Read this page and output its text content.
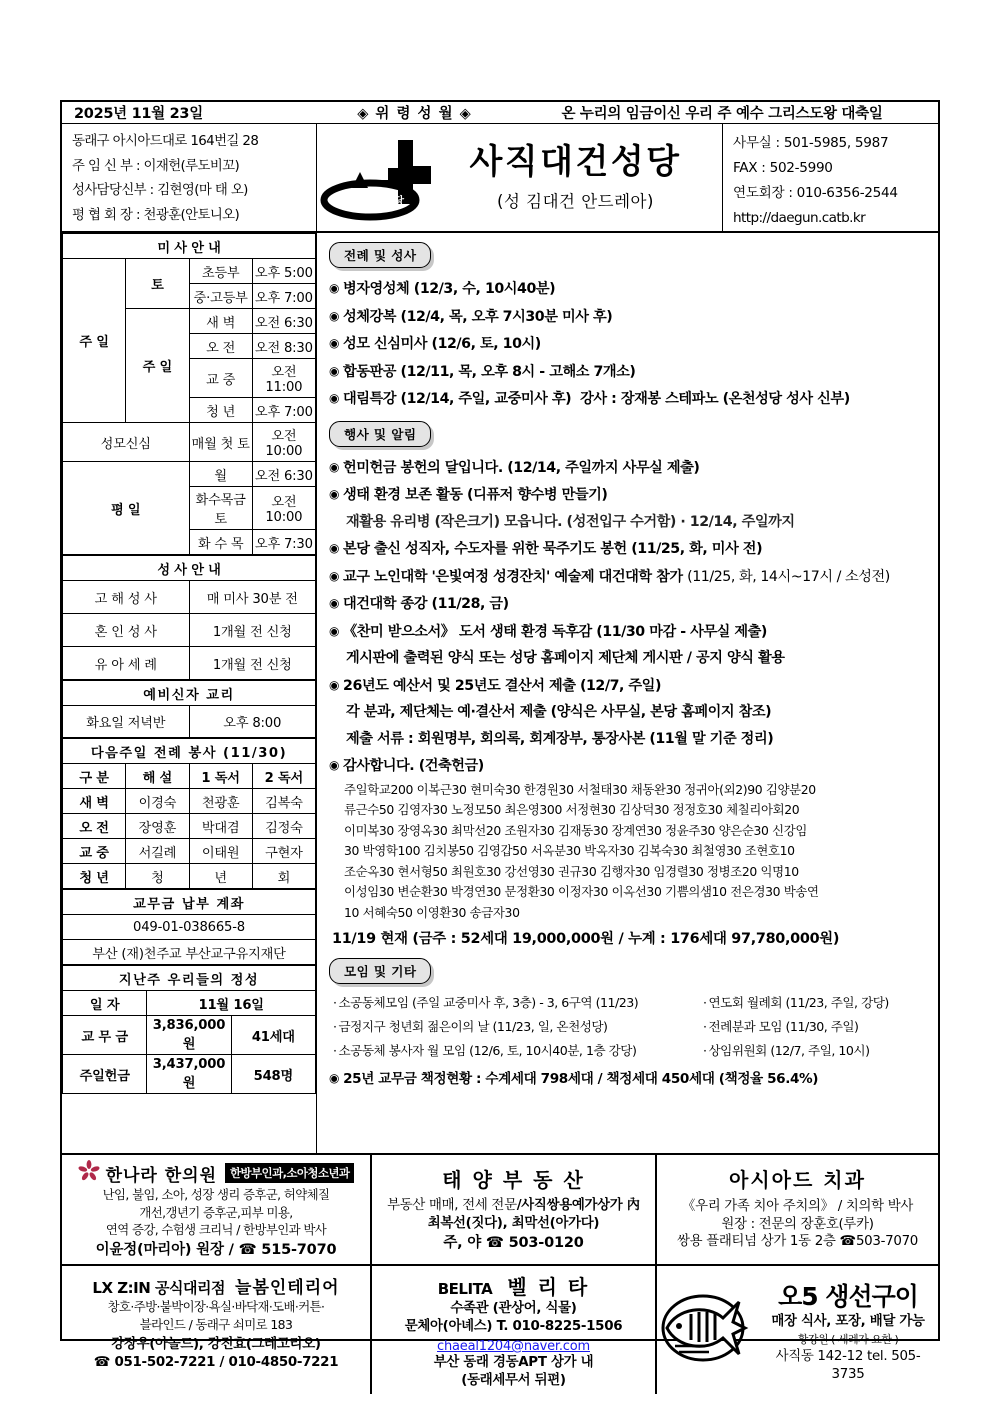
2025년 11월 23일	◈ 위 령 성 월 ◈	온 누리의 임금이신 우리 주 예수 그리스도왕 대축일
동래구 아시아드대로 164번길 28
주 임 신 부 : 이재헌(루도비꼬)
성사담당신부 : 김현영(마 태 오)
평 협 회 장 : 천광훈(안토니오)
사직 대건 성당
사직대건성당
(성 김대건 안드레아)
사무실 : 501-5985, 5987
FAX : 502-5990
연도회장 : 010-6356-2544
http://daegun.catb.kr
미 사 안 내			
주 일	토	초등부	오후 5:00
		중·고등부	오후 7:00
	주 일	새 벽	오전 6:30
		오 전	오전 8:30
		교 중	오전 11:00
		청 년	오후 7:00
성모신심		매월 첫 토	오전 10:00
평 일		월	오전 6:30
		화수목금토	오전 10:00
		화 수 목	오후 7:30
성 사 안 내	
고 해 성 사	매 미사 30분 전
혼 인 성 사	1개월 전 신청
유 아 세 례	1개월 전 신청
예비신자 교리
화요일 저녁반	오후 8:00
다음주일 전례 봉사 (11/30)			
구 분	해 설	1 독서	2 독서
새 벽	이경숙	천광훈	김복숙
오 전	장영훈	박대겸	김정숙
교 중	서길례	이태원	구현자
청 년	청	년	회
교무금 납부 계좌
049-01-038665-8
부산 (재)천주교 부산교구유지재단
지난주 우리들의 정성		
일 자	11월 16일	
교 무 금	3,836,000원	41세대
주일헌금	3,437,000원	548명
전례 및 성사
◉ 병자영성체 (12/3, 수, 10시40분)
◉ 성체강복 (12/4, 목, 오후 7시30분 미사 후)
◉ 성모 신심미사 (12/6, 토, 10시)
◉ 합동판공 (12/11, 목, 오후 8시 - 고해소 7개소)
◉ 대림특강 (12/14, 주일, 교중미사 후) 강사 : 장재봉 스테파노 (온천성당 성사 신부)
행사 및 알림
◉ 헌미헌금 봉헌의 달입니다. (12/14, 주일까지 사무실 제출)
◉ 생태 환경 보존 활동 (디퓨저 향수병 만들기)
재활용 유리병 (작은크기) 모읍니다. (성전입구 수거함) · 12/14, 주일까지
◉ 본당 출신 성직자, 수도자를 위한 묵주기도 봉헌 (11/25, 화, 미사 전)
◉ 교구 노인대학 '은빛여정 성경잔치' 예술제 대건대학 참가 (11/25, 화, 14시~17시 / 소성전)
◉ 대건대학 종강 (11/28, 금)
◉ 《찬미 받으소서》 도서 생태 환경 독후감 (11/30 마감 - 사무실 제출)
게시판에 출력된 양식 또는 성당 홈페이지 제단체 게시판 / 공지 양식 활용
◉ 26년도 예산서 및 25년도 결산서 제출 (12/7, 주일)
각 분과, 제단체는 예·결산서 제출 (양식은 사무실, 본당 홈페이지 참조)
제출 서류 : 회원명부, 회의록, 회계장부, 통장사본 (11월 말 기준 정리)
◉ 감사합니다. (건축헌금)
주일학교200 이복근30 현미숙30 한경원30 서철태30 채동완30 정귀아(외2)90 김양분20
류근수50 김영자30 노정모50 최은영300 서정현30 김상덕30 정정호30 체칠리아회20
이미복30 장영옥30 최막선20 조원자30 김재동30 장계연30 정윤주30 양은순30 신강임
30 박영학100 김치봉50 김영갑50 서옥분30 박옥자30 김복숙30 최철영30 조현호10
조순옥30 현서형50 최원호30 강선영30 권규30 김행자30 임경렬30 정병조20 익명10
이성임30 변순환30 박경연30 문정환30 이정자30 이옥선30 기쁨의샘10 전은경30 박송연
10 서혜숙50 이영환30 송금자30
11/19 현재 (금주 : 52세대 19,000,000원 / 누계 : 176세대 97,780,000원)
모임 및 기타
· 소공동체모임 (주일 교중미사 후, 3층) - 3, 6구역 (11/23)
· 금정지구 청년회 젊은이의 날 (11/23, 일, 온천성당)
· 소공동체 봉사자 월 모임 (12/6, 토, 10시40분, 1층 강당)
· 연도회 월례회 (11/23, 주일, 강당)
· 전례분과 모임 (11/30, 주일)
· 상임위원회 (12/7, 주일, 10시)
◉ 25년 교무금 책정현황 : 수계세대 798세대 / 책정세대 450세대 (책정율 56.4%)
한나라 한의원	한방부인과,소아청소년과
난임, 불임, 소아, 성장 생리 증후군, 허약체질
개선,갱년기 증후군,피부 미용,
연역 증강, 수험생 크리닉 / 한방부인과 박사
이윤정(마리아) 원장 / ☎ 515-7070
태 양 부 동 산
부동산 매매, 전세 전문/사직쌍용예가상가 內
최복선(짓다), 최막선(아가다)
주, 야 ☎ 503-0120
아시아드 치과
《우리 가족 치아 주치의》 / 치의학 박사
원장 : 전문의 장훈호(루카)
쌍용 플래티넘 상가 1동 2층 ☎503-7070
LX Z:IN 공식대리점 늘봄인테리어
창호·주방·붙박이장·욕실·바닥재·도배·커튼·
블라인드 / 동래구 쇠미로 183
강장우(아놀드), 강진효(그레고리오)
☎ 051-502-7221 / 010-4850-7221
BELITA 벨 리 타
수족관 (관상어, 식물)
문체아(아녜스) T. 010-8225-1506
chaeal1204@naver.com
부산 동래 경동APT 상가 내
(동래세무서 뒤편)
오5 생선구이
매장 식사, 포장, 배달 가능
황강원 ( 세례자 요한 )
사직동 142-12 tel. 505-3735
